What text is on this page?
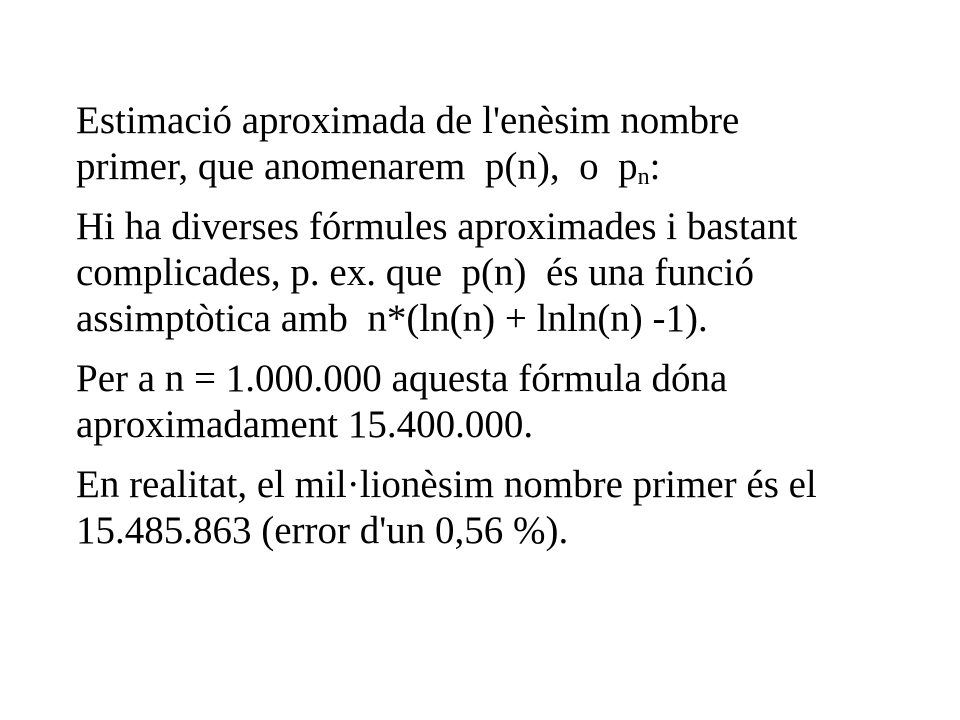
Estimació aproximada de l'enèsim nombre
primer, que anomenarem  p(n),  o  $p_n$:

Hi ha diverses fórmules aproximades i bastant
complicades, p. ex. que  p(n)  és una funció
assimptòtica amb  n*(ln(n) + lnln(n) -1).

Per a n = 1.000.000 aquesta fórmula dóna
aproximadament 15.400.000.

En realitat, el mil·lionèsim nombre primer és el
15.485.863 (error d'un 0,56 %).
